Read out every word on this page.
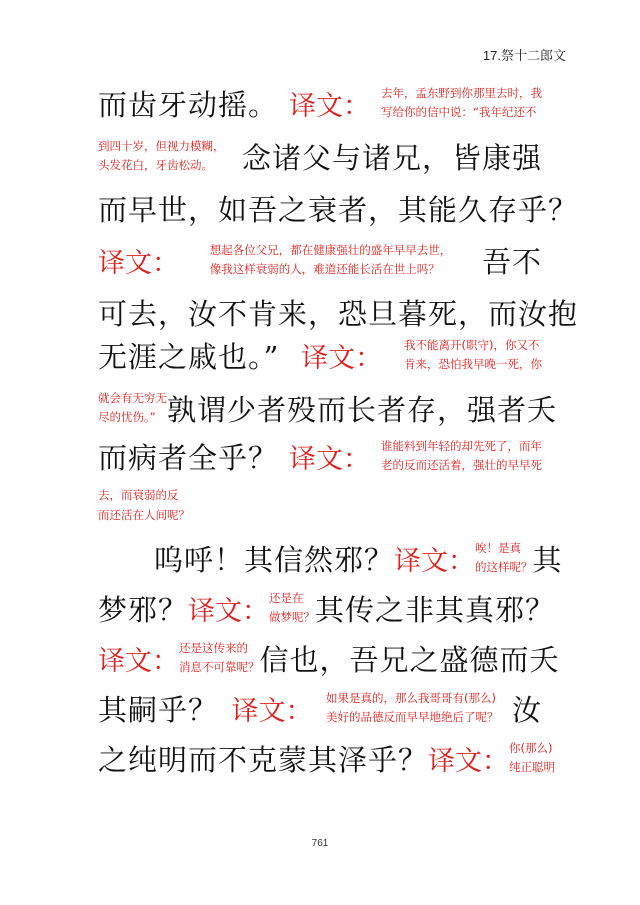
17.祭十二郎文
而齿牙动摇。 译文： 去年，孟东野到你那里去时，我
写给你的信中说：“我年纪还不
到四十岁，但视力模糊，
头发花白，牙齿松动。 念诸父与诸兄，皆康强
而早世，如吾之衰者，其能久存乎？
译文：	想起各位父兄，都在健康强壮的盛年早早去世，
像我这样衰弱的人，难道还能长活在世上吗？	吾不
可去，汝不肯来，恐旦暮死，而汝抱
无涯之戚也。” 译文： 我不能离开(职守)，你又不
肯来，恐怕我早晚一死，你
就会有无穷无
尽的忧伤。” 孰谓少者殁而长者存，强者夭
而病者全乎？ 译文： 谁能料到年轻的却先死了，而年
老的反而还活着，强壮的早早死
去，而衰弱的反
而还活在人间呢？
呜呼！其信然邪？ 译文： 唉！是真
的这样呢？ 其
梦邪？ 译文： 还是在
做梦呢？ 其传之非其真邪？
译文： 还是这传来的
消息不可靠呢？ 信也，吾兄之盛德而夭
其嗣乎？ 译文： 如果是真的，那么我哥哥有(那么)
美好的品德反而早早地绝后了呢？ 汝
之纯明而不克蒙其泽乎？ 译文： 你(那么)
纯正聪明
761
